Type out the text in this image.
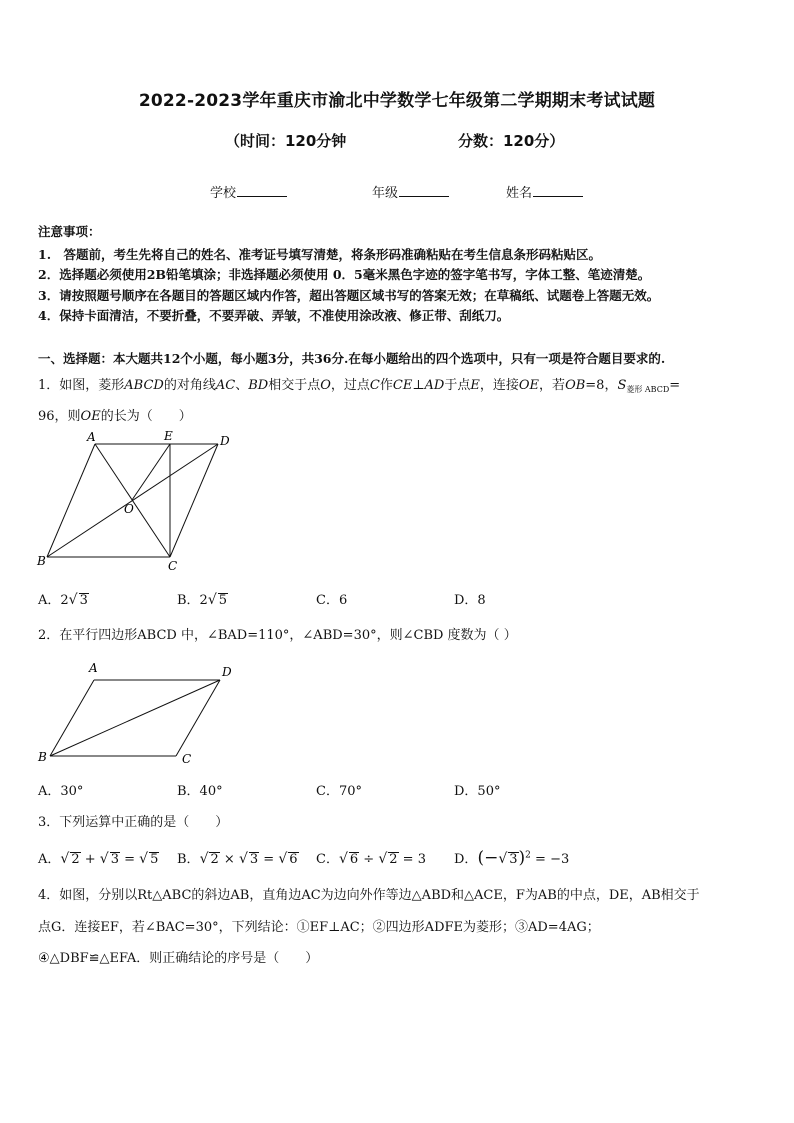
2022-2023学年重庆市渝北中学数学七年级第二学期期末考试试题
（时间：120分钟	分数：120分）
学校	年级	姓名
注意事项：
1.　答题前，考生先将自己的姓名、准考证号填写清楚，将条形码准确粘贴在考生信息条形码粘贴区。
2．选择题必须使用2B铅笔填涂；非选择题必须使用 0．5毫米黑色字迹的签字笔书写，字体工整、笔迹清楚。
3．请按照题号顺序在各题目的答题区域内作答，超出答题区域书写的答案无效；在草稿纸、试题卷上答题无效。
4．保持卡面清洁，不要折叠，不要弄破、弄皱，不准使用涂改液、修正带、刮纸刀。
一、选择题：本大题共12个小题，每小题3分，共36分.在每小题给出的四个选项中，只有一项是符合题目要求的.
1．如图，菱形ABCD的对角线AC、BD相交于点O，过点C作CE⊥AD于点E，连接OE，若OB=8，$S_{菱形 ABCD}=$
96，则OE的长为（　　）
A	E	D
O
B	C
A．2√ 3	B．2√ 5	C．6	D．8
2．在平行四边形ABCD 中，∠BAD=110°，∠ABD=30°，则∠CBD 度数为（ ）
A	D
B	C
A．30°	B．40°	C．70°	D．50°
3．下列运算中正确的是（　　）
A．√ 2 + √ 3 = √ 5 B．√ 2 × √ 3 = √ 6 C．√ 6 ÷ √ 2 = 3 D．(−√ 3)$^2$ = −3
4．如图，分别以Rt△ABC的斜边AB，直角边AC为边向外作等边△ABD和△ACE，F为AB的中点，DE，AB相交于
点G．连接EF，若∠BAC=30°，下列结论：①EF⊥AC；②四边形ADFE为菱形；③AD=4AG；
④△DBF≌△EFA．则正确结论的序号是（　　）
